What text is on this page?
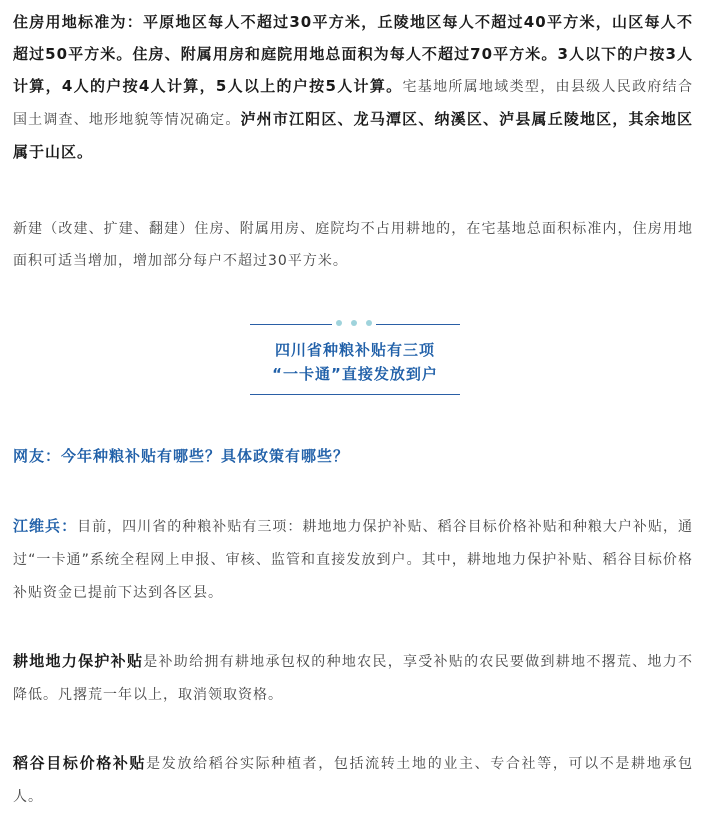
住房用地标准为：平原地区每人不超过30平方米，丘陵地区每人不超过40平方米，山区每人不超过50平方米。住房、附属用房和庭院用地总面积为每人不超过70平方米。3人以下的户按3人计算，4人的户按4人计算，5人以上的户按5人计算。宅基地所属地域类型，由县级人民政府结合国土调查、地形地貌等情况确定。泸州市江阳区、龙马潭区、纳溪区、泸县属丘陵地区，其余地区属于山区。

新建（改建、扩建、翻建）住房、附属用房、庭院均不占用耕地的，在宅基地总面积标准内，住房用地面积可适当增加，增加部分每户不超过30平方米。

四川省种粮补贴有三项
“一卡通”直接发放到户

网友：今年种粮补贴有哪些？具体政策有哪些？

江维兵：目前，四川省的种粮补贴有三项：耕地地力保护补贴、稻谷目标价格补贴和种粮大户补贴，通过“一卡通”系统全程网上申报、审核、监管和直接发放到户。其中，耕地地力保护补贴、稻谷目标价格补贴资金已提前下达到各区县。

耕地地力保护补贴是补助给拥有耕地承包权的种地农民，享受补贴的农民要做到耕地不撂荒、地力不降低。凡撂荒一年以上，取消领取资格。

稻谷目标价格补贴是发放给稻谷实际种植者，包括流转土地的业主、专合社等，可以不是耕地承包人。
